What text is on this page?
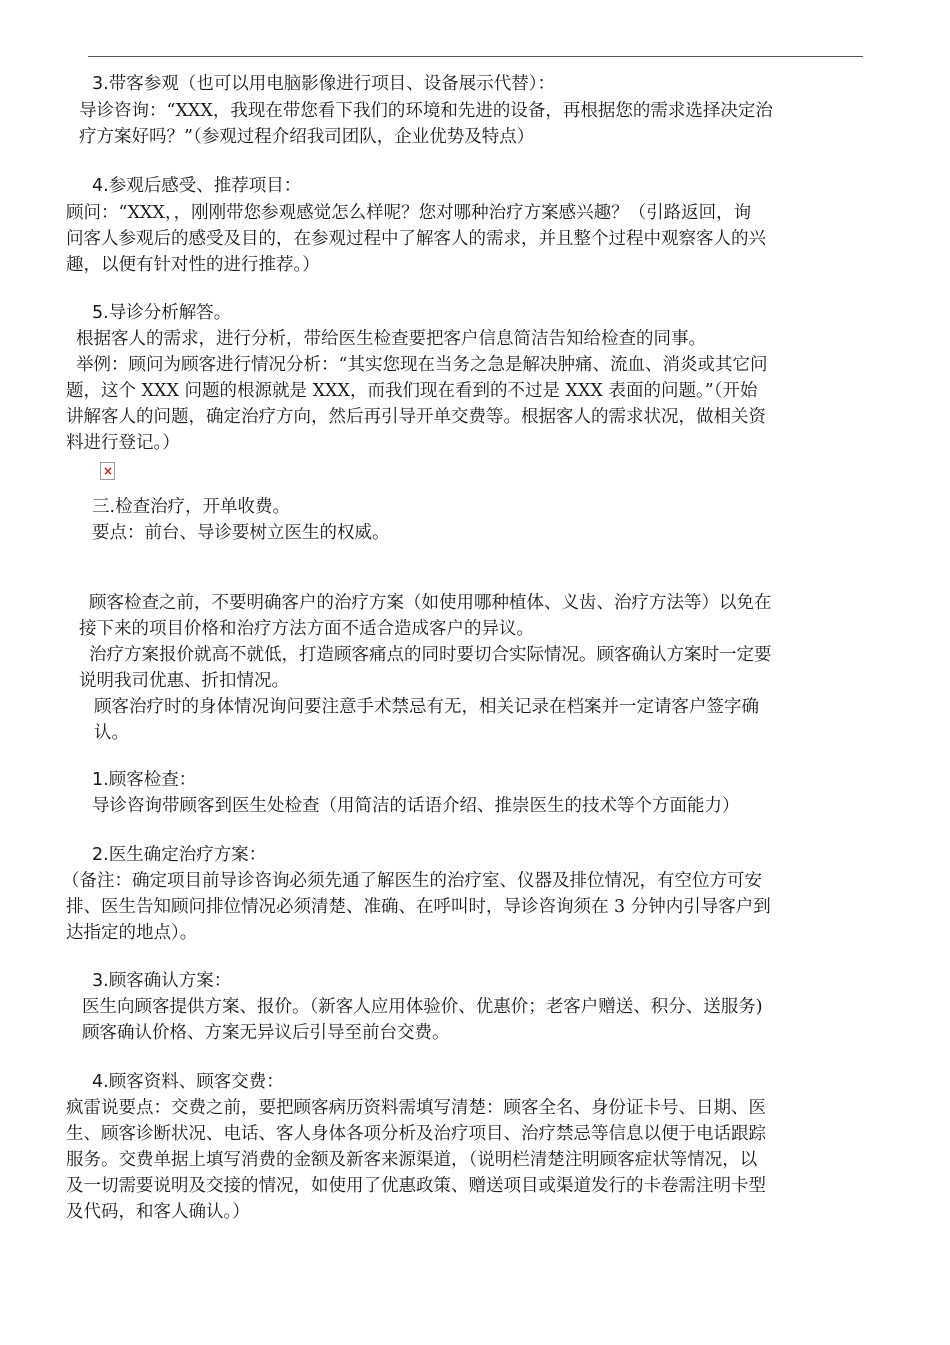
3.带客参观（也可以用电脑影像进行项目、设备展示代替）：
导诊咨询：“XXX，我现在带您看下我们的环境和先进的设备，再根据您的需求选择决定治
疗方案好吗？”（参观过程介绍我司团队，企业优势及特点）
4.参观后感受、推荐项目：
顾问：“XXX，，刚刚带您参观感觉怎么样呢？您对哪种治疗方案感兴趣？（引路返回，询
问客人参观后的感受及目的，在参观过程中了解客人的需求，并且整个过程中观察客人的兴
趣，以便有针对性的进行推荐。）
5.导诊分析解答。
根据客人的需求，进行分析，带给医生检查要把客户信息简洁告知给检查的同事。
举例：顾问为顾客进行情况分析：“其实您现在当务之急是解决肿痛、流血、消炎或其它问
题，这个 XXX 问题的根源就是 XXX，而我们现在看到的不过是 XXX 表面的问题。”（开始
讲解客人的问题，确定治疗方向，然后再引导开单交费等。根据客人的需求状况，做相关资
料进行登记。）
×
三.检查治疗，开单收费。
要点：前台、导诊要树立医生的权威。
顾客检查之前，不要明确客户的治疗方案（如使用哪种植体、义齿、治疗方法等）以免在
接下来的项目价格和治疗方法方面不适合造成客户的异议。
治疗方案报价就高不就低，打造顾客痛点的同时要切合实际情况。顾客确认方案时一定要
说明我司优惠、折扣情况。
顾客治疗时的身体情况询问要注意手术禁忌有无，相关记录在档案并一定请客户签字确
认。
1.顾客检查：
导诊咨询带顾客到医生处检查（用简洁的话语介绍、推崇医生的技术等个方面能力）
2.医生确定治疗方案：
（备注：确定项目前导诊咨询必须先通了解医生的治疗室、仪器及排位情况，有空位方可安
排、医生告知顾问排位情况必须清楚、准确、在呼叫时，导诊咨询须在 3 分钟内引导客户到
达指定的地点）。
3.顾客确认方案：
医生向顾客提供方案、报价。（新客人应用体验价、优惠价；老客户赠送、积分、送服务)
顾客确认价格、方案无异议后引导至前台交费。
4.顾客资料、顾客交费：
疯雷说要点：交费之前，要把顾客病历资料需填写清楚：顾客全名、身份证卡号、日期、医
生、顾客诊断状况、电话、客人身体各项分析及治疗项目、治疗禁忌等信息以便于电话跟踪
服务。交费单据上填写消费的金额及新客来源渠道，（说明栏清楚注明顾客症状等情况，以
及一切需要说明及交接的情况，如使用了优惠政策、赠送项目或渠道发行的卡卷需注明卡型
及代码，和客人确认。）
